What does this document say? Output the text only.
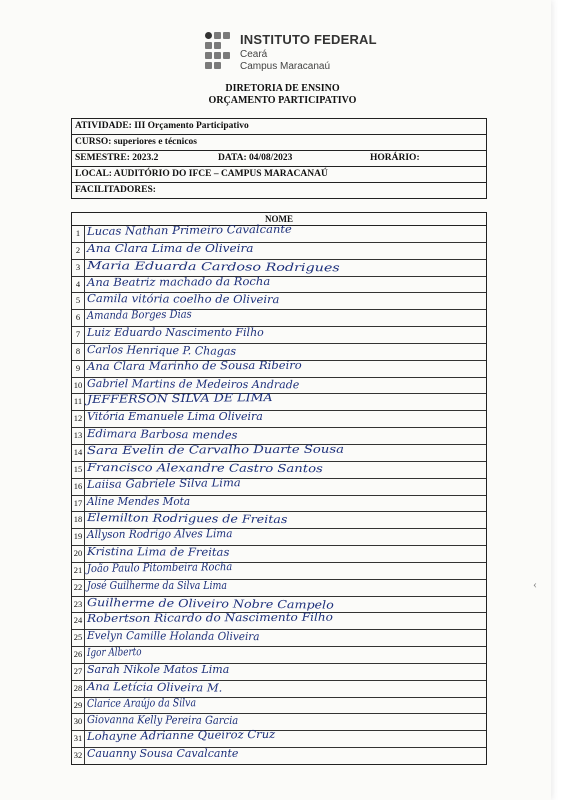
INSTITUTO FEDERAL
Ceará
Campus Maracanaú
DIRETORIA DE ENSINO
ORÇAMENTO PARTICIPATIVO
ATIVIDADE: III Orçamento Participativo
CURSO: superiores e técnicos
SEMESTRE: 2023.2	DATA: 04/08/2023	HORÁRIO:
LOCAL: AUDITÓRIO DO IFCE – CAMPUS MARACANAÚ
FACILITADORES:
NOME
1 Lucas Nathan Primeiro Cavalcante
2 Ana Clara Lima de Oliveira
3 Maria Eduarda Cardoso Rodrigues
4 Ana Beatriz machado da Rocha
5 Camila vitória coelho de Oliveira
6 Amanda Borges Dias
7 Luiz Eduardo Nascimento Filho
8 Carlos Henrique P. Chagas
9 Ana Clara Marinho de Sousa Ribeiro
10 Gabriel Martins de Medeiros Andrade
11 JEFFERSON SILVA DE LIMA
12 Vitória Emanuele Lima Oliveira
13 Edimara Barbosa mendes
14 Sara Evelin de Carvalho Duarte Sousa
15 Francisco Alexandre Castro Santos
16 Laiisa Gabriele Silva Lima
17 Aline Mendes Mota
18 Elemilton Rodrigues de Freitas
19 Allyson Rodrigo Alves Lima
20 Kristina Lima de Freitas
21 João Paulo Pitombeira Rocha
22 José Guilherme da Silva Lima
23 Guilherme de Oliveiro Nobre Campelo
24 Robertson Ricardo do Nascimento Filho
25 Evelyn Camille Holanda Oliveira
26 Igor Alberto
27 Sarah Nikole Matos Lima
28 Ana Letícia Oliveira M.
29 Clarice Araújo da Silva
30 Giovanna Kelly Pereira Garcia
31 Lohayne Adrianne Queiroz Cruz
32 Cauanny Sousa Cavalcante
‹
